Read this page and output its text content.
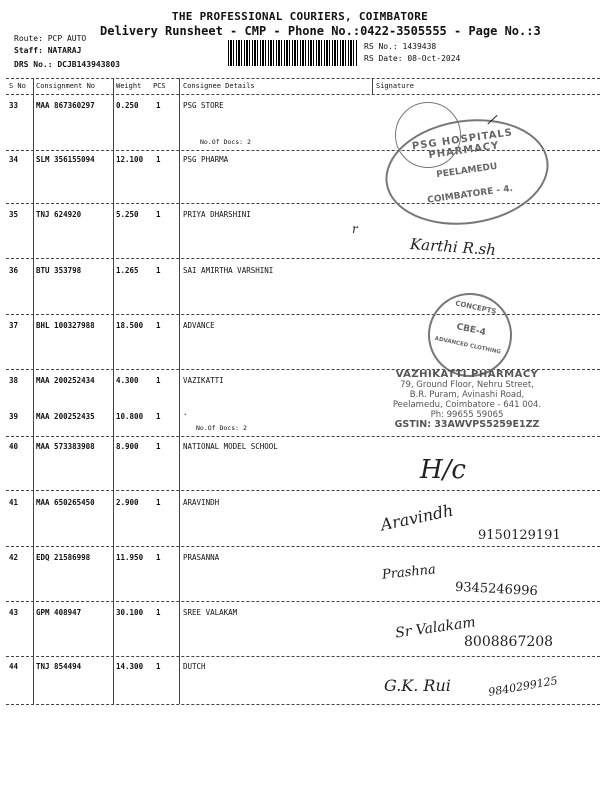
THE PROFESSIONAL COURIERS, COIMBATORE
Delivery Runsheet - CMP - Phone No.:0422-3505555 - Page No.:3
Route: PCP AUTO
Staff: NATARAJ
DRS No.: DCJB143943803
RS No.: 1439438
RS Date: 08-Oct-2024
S No Consignment No	Weight PCS Consignee Details	Signature
33 MAA 867360297	0.250 1	PSG STORE
No.Of Docs: 2
34 SLM 356155094	12.100 1	PSG PHARMA
35 TNJ 624920	5.250 1	PRIYA DHARSHINI
36 BTU 353798	1.265 1	SAI AMIRTHA VARSHINI
37 BHL 100327988	18.500 1	ADVANCE
38 MAA 200252434	4.300 1	VAZIKATTI
39 MAA 200252435	10.800 1	.
No.Of Docs: 2
40 MAA 573383908	8.900 1	NATIONAL MODEL SCHOOL
41 MAA 650265450	2.900 1	ARAVINDH
42 EDQ 21586998	11.950 1	PRASANNA
43 GPM 408947	30.100 1	SREE VALAKAM
44 TNJ 854494	14.300 1	DUTCH
PSG HOSPITALS PHARMACY
PEELAMEDU
COIMBATORE - 4.
CONCEPTS
CBE-4
ADVANCED CLOTHING
VAZHIKATTI PHARMACY
79, Ground Floor, Nehru Street,
B.R. Puram, Avinashi Road,
Peelamedu, Coimbatore - 641 004.
Ph: 99655 59065
GSTIN: 33AWVPS5259E1ZZ
/
Karthi R.sh
H/c
Aravindh
9150129191
Prashna
9345246996
Sr Valakam
8008867208
G.K. Rui	9840299125
r
